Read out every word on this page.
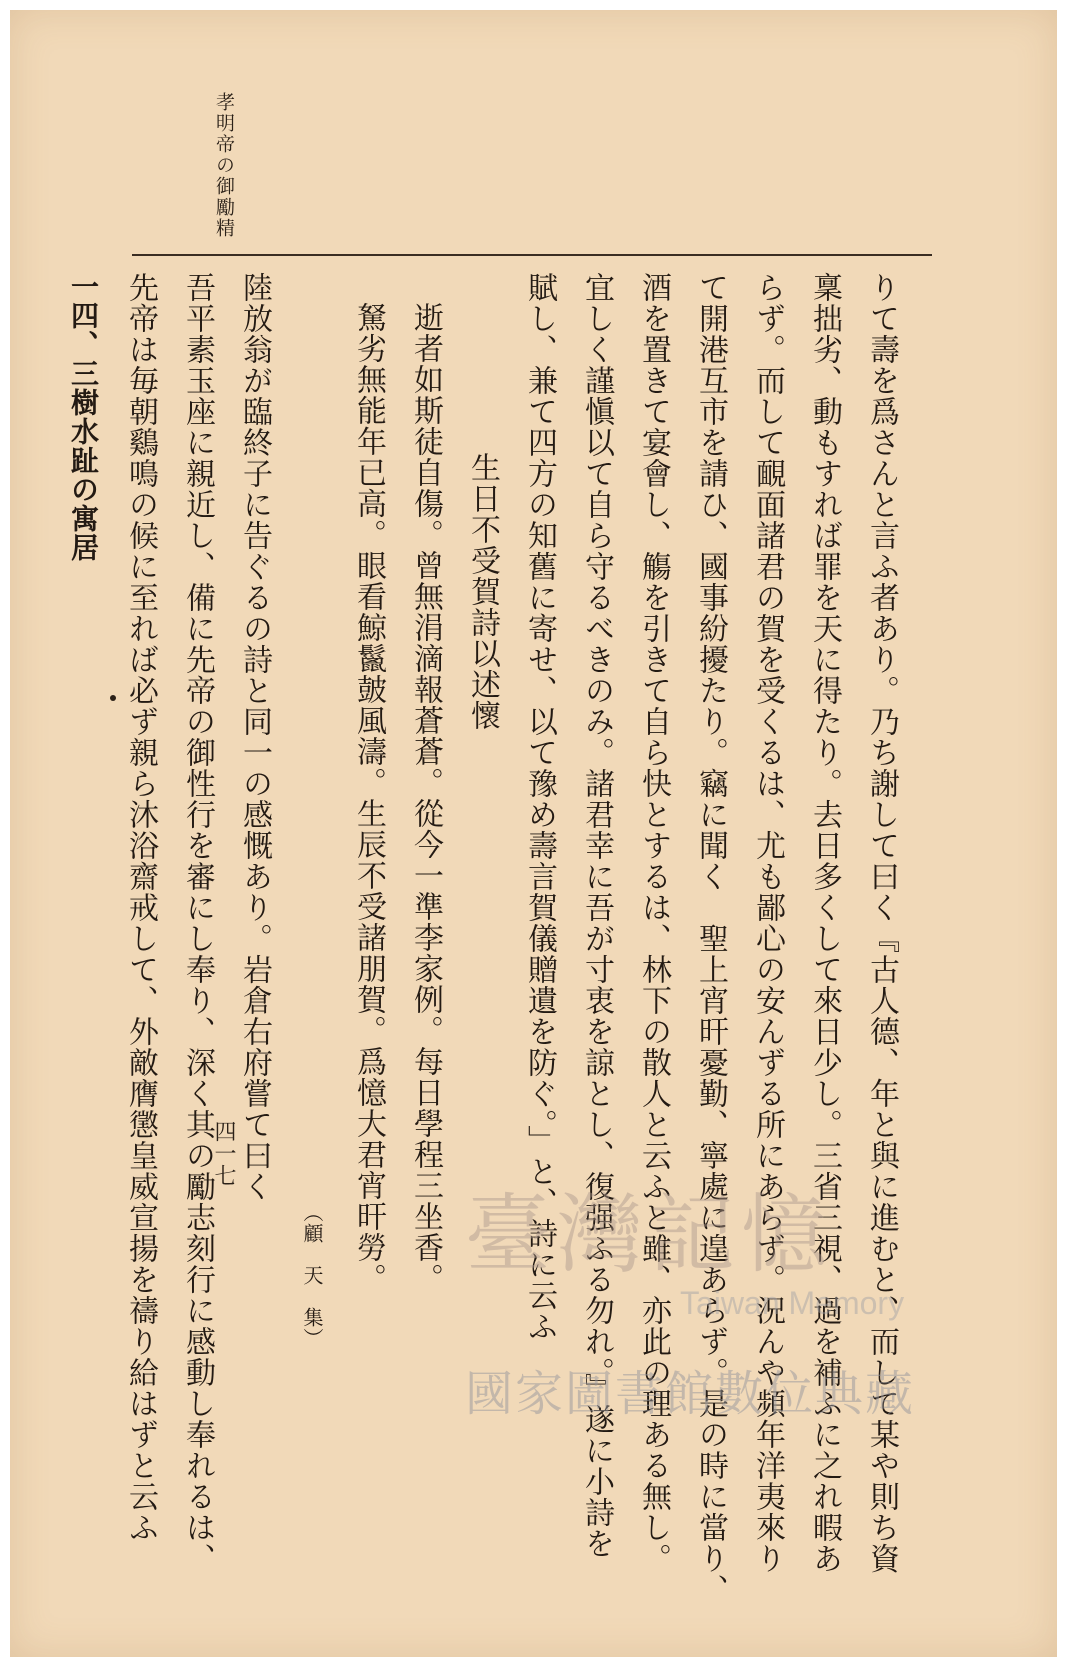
孝明帝の御勵精
りて壽を爲さんと言ふ者あり。乃ち謝して曰く『古人德、年と與に進むと、而して某や則ち資
稟拙劣、動もすれば罪を天に得たり。去日多くして來日少し。三省三視、過を補ふに之れ暇あ
らず。而して靦面諸君の賀を受くるは、尤も鄙心の安んずる所にあらず。況んや頻年洋夷來り
て開港互市を請ひ、國事紛擾たり。竊に聞く　聖上宵旰憂勤、寧處に遑あらず。是の時に當り、
酒を置きて宴會し、觴を引きて自ら快とするは、林下の散人と云ふと雖、亦此の理ある無し。
宜しく謹愼以て自ら守るべきのみ。諸君幸に吾が寸衷を諒とし、復强ふる勿れ。』遂に小詩を
賦し、兼て四方の知舊に寄せ、以て豫め壽言賀儀贈遺を防ぐ。」と、詩に云ふ
生日不受賀詩以述懷
逝者如斯徒自傷。曾無涓滴報蒼蒼。從今一準李家例。每日學程三坐香。
駑劣無能年已高。眼看鯨鬣皷風濤。生辰不受諸朋賀。爲憶大君宵旰勞。
（顧　天　集）
陸放翁が臨終子に告ぐるの詩と同一の感慨あり。岩倉右府嘗て曰く
吾平素玉座に親近し、備に先帝の御性行を審にし奉り、深く其の勵志刻行に感動し奉れるは、
先帝は毎朝鷄鳴の候に至れば必ず親ら沐浴齋戒して、外敵膺懲皇威宣揚を禱り給はずと云ふ
一四、三樹水趾の寓居
四一七
臺灣記憶
Taiwan Memory
國家圖書館數位典藏
